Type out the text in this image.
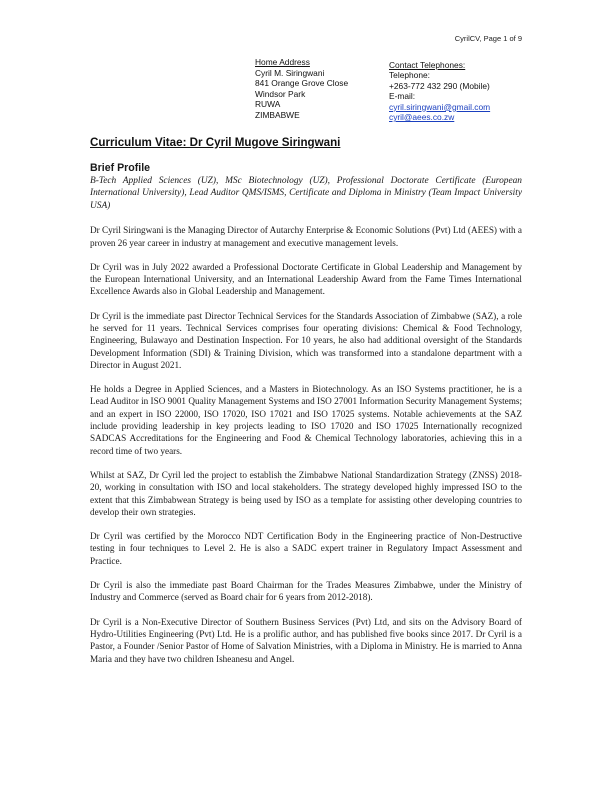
CyrilCV, Page 1 of 9
Home Address
Cyril M. Siringwani
841 Orange Grove Close
Windsor Park
RUWA
ZIMBABWE
Contact Telephones:
Telephone:
+263-772 432 290 (Mobile)
E-mail:
cyril.siringwani@gmail.com
cyril@aees.co.zw
Curriculum Vitae: Dr Cyril Mugove Siringwani
Brief Profile

B-Tech Applied Sciences (UZ), MSc Biotechnology (UZ), Professional Doctorate Certificate (European International University), Lead Auditor QMS/ISMS, Certificate and Diploma in Ministry (Team Impact University USA)

Dr Cyril Siringwani is the Managing Director of Autarchy Enterprise & Economic Solutions (Pvt) Ltd (AEES) with a proven 26 year career in industry at management and executive management levels.

Dr Cyril was in July 2022 awarded a Professional Doctorate Certificate in Global Leadership and Management by the European International University, and an International Leadership Award from the Fame Times International Excellence Awards also in Global Leadership and Management.

Dr Cyril is the immediate past Director Technical Services for the Standards Association of Zimbabwe (SAZ), a role he served for 11 years. Technical Services comprises four operating divisions: Chemical & Food Technology, Engineering, Bulawayo and Destination Inspection. For 10 years, he also had additional oversight of the Standards Development Information (SDI) & Training Division, which was transformed into a standalone department with a Director in August 2021.

He holds a Degree in Applied Sciences, and a Masters in Biotechnology. As an ISO Systems practitioner, he is a Lead Auditor in ISO 9001 Quality Management Systems and ISO 27001 Information Security Management Systems; and an expert in ISO 22000, ISO 17020, ISO 17021 and ISO 17025 systems. Notable achievements at the SAZ include providing leadership in key projects leading to ISO 17020 and ISO 17025 Internationally recognized SADCAS Accreditations for the Engineering and Food & Chemical Technology laboratories, achieving this in a record time of two years.

Whilst at SAZ, Dr Cyril led the project to establish the Zimbabwe National Standardization Strategy (ZNSS) 2018-20, working in consultation with ISO and local stakeholders. The strategy developed highly impressed ISO to the extent that this Zimbabwean Strategy is being used by ISO as a template for assisting other developing countries to develop their own strategies.

Dr Cyril was certified by the Morocco NDT Certification Body in the Engineering practice of Non-Destructive testing in four techniques to Level 2. He is also a SADC expert trainer in Regulatory Impact Assessment and Practice.

Dr Cyril is also the immediate past Board Chairman for the Trades Measures Zimbabwe, under the Ministry of Industry and Commerce (served as Board chair for 6 years from 2012-2018).

Dr Cyril is a Non-Executive Director of Southern Business Services (Pvt) Ltd, and sits on the Advisory Board of Hydro-Utilities Engineering (Pvt) Ltd. He is a prolific author, and has published five books since 2017. Dr Cyril is a Pastor, a Founder /Senior Pastor of Home of Salvation Ministries, with a Diploma in Ministry. He is married to Anna Maria and they have two children Isheanesu and Angel.
